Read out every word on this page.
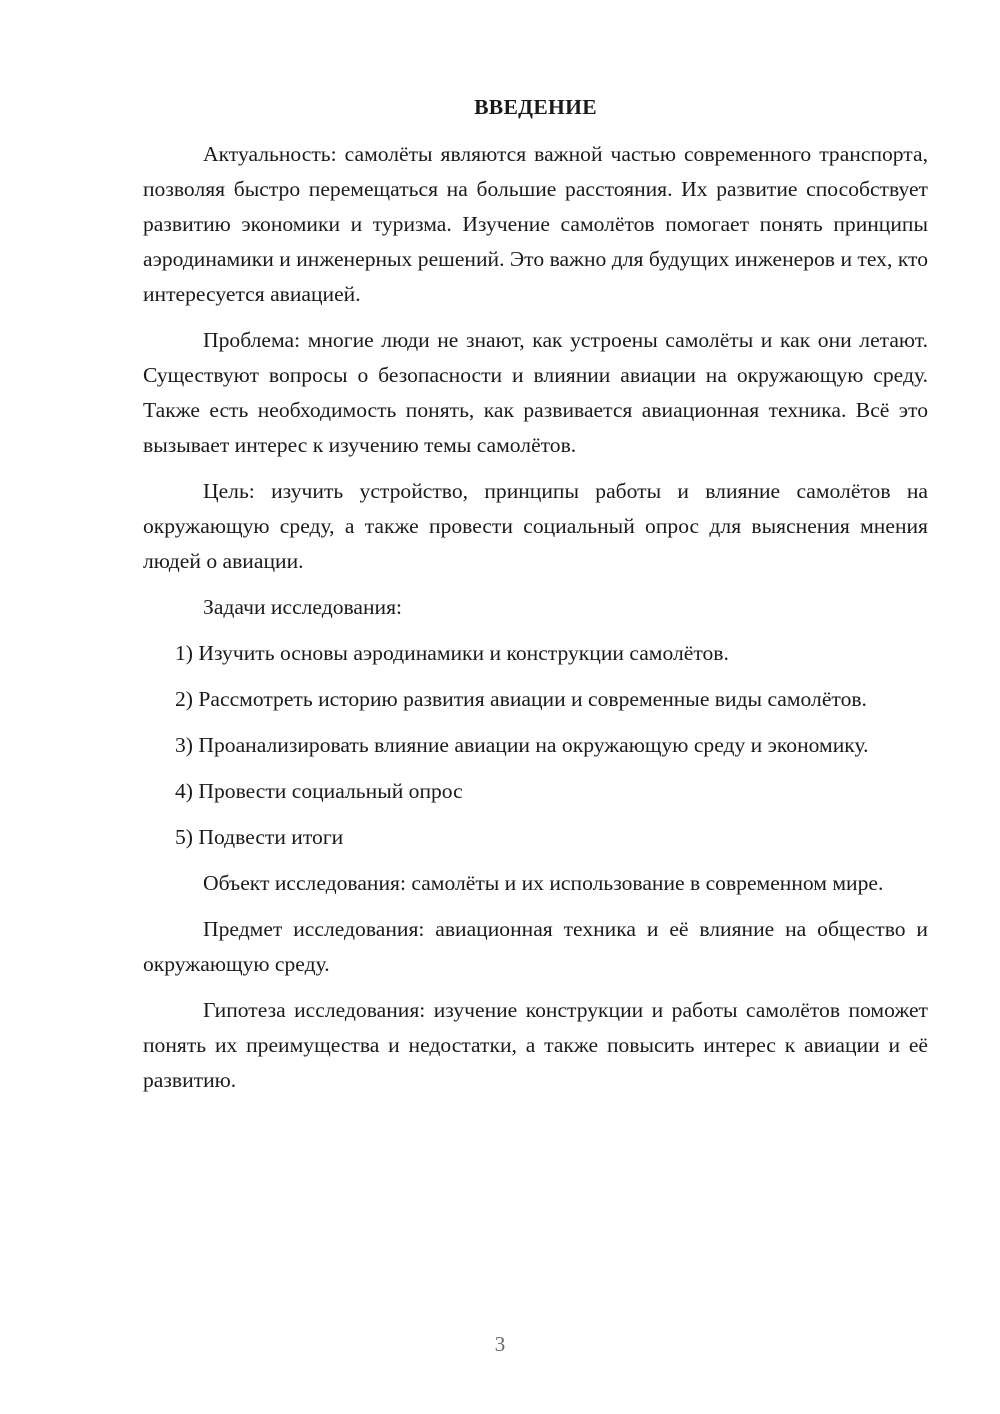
ВВЕДЕНИЕ

Актуальность: самолёты являются важной частью современного транспорта, позволяя быстро перемещаться на большие расстояния. Их развитие способствует развитию экономики и туризма. Изучение самолётов помогает понять принципы аэродинамики и инженерных решений. Это важно для будущих инженеров и тех, кто интересуется авиацией.

Проблема: многие люди не знают, как устроены самолёты и как они летают. Существуют вопросы о безопасности и влиянии авиации на окружающую среду. Также есть необходимость понять, как развивается авиационная техника. Всё это вызывает интерес к изучению темы самолётов.

Цель: изучить устройство, принципы работы и влияние самолётов на окружающую среду, а также провести социальный опрос для выяснения мнения людей о авиации.

Задачи исследования:

1) Изучить основы аэродинамики и конструкции самолётов.

2) Рассмотреть историю развития авиации и современные виды самолётов.

3) Проанализировать влияние авиации на окружающую среду и экономику.

4) Провести социальный опрос

5) Подвести итоги

Объект исследования: самолёты и их использование в современном мире.

Предмет исследования: авиационная техника и её влияние на общество и окружающую среду.

Гипотеза исследования: изучение конструкции и работы самолётов поможет понять их преимущества и недостатки, а также повысить интерес к авиации и её развитию.

3
